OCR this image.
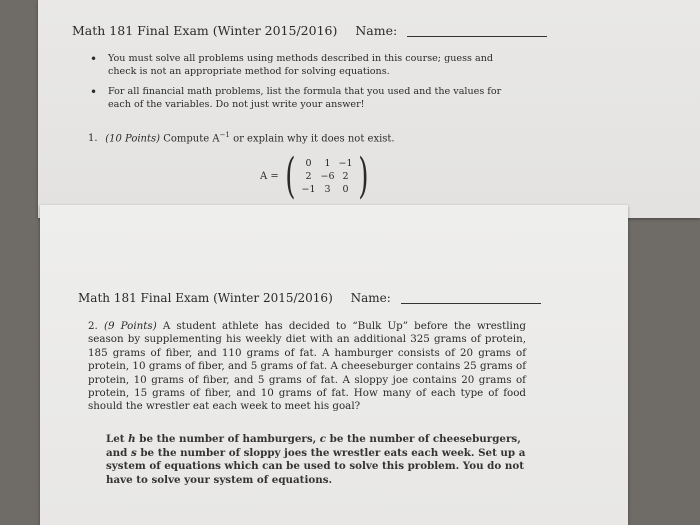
Math 181 Final Exam (Winter 2015/2016) Name:
•	You must solve all problems using methods described in this course; guess and check is not an appropriate method for solving equations.
•	For all financial math problems, list the formula that you used and the values for each of the variables. Do not just write your answer!
1. (10 Points) Compute $A^{-1}$ or explain why it does not exist.
A = (	0	1 −1
2 −6 2
−1 3	0 )
Math 181 Final Exam (Winter 2015/2016) Name:
2. (9 Points) A student athlete has decided to “Bulk Up” before the wrestling season by supplementing his weekly diet with an additional 325 grams of protein, 185 grams of fiber, and 110 grams of fat. A hamburger consists of 20 grams of protein, 10 grams of fiber, and 5 grams of fat. A cheeseburger contains 25 grams of protein, 10 grams of fiber, and 5 grams of fat. A sloppy joe contains 20 grams of protein, 15 grams of fiber, and 10 grams of fat. How many of each type of food should the wrestler eat each week to meet his goal?
Let h be the number of hamburgers, c be the number of cheeseburgers, and s be the number of sloppy joes the wrestler eats each week. Set up a system of equations which can be used to solve this problem. You do not have to solve your system of equations.
